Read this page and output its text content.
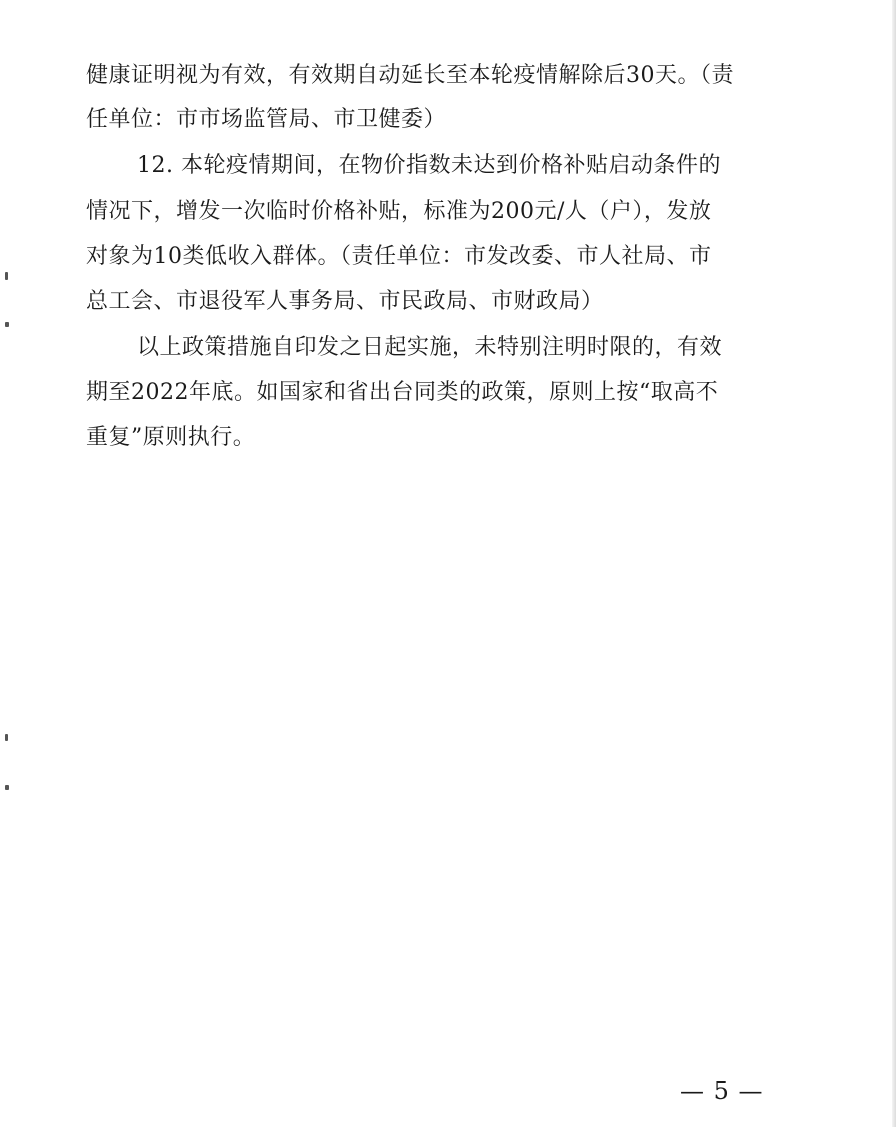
健康证明视为有效，有效期自动延长至本轮疫情解除后30天。（责
任单位：市市场监管局、市卫健委）
12. 本轮疫情期间，在物价指数未达到价格补贴启动条件的
情况下，增发一次临时价格补贴，标准为200元/人（户），发放
对象为10类低收入群体。（责任单位：市发改委、市人社局、市
总工会、市退役军人事务局、市民政局、市财政局）
以上政策措施自印发之日起实施，未特别注明时限的，有效
期至2022年底。如国家和省出台同类的政策，原则上按“取高不
重复”原则执行。
— 5 —
